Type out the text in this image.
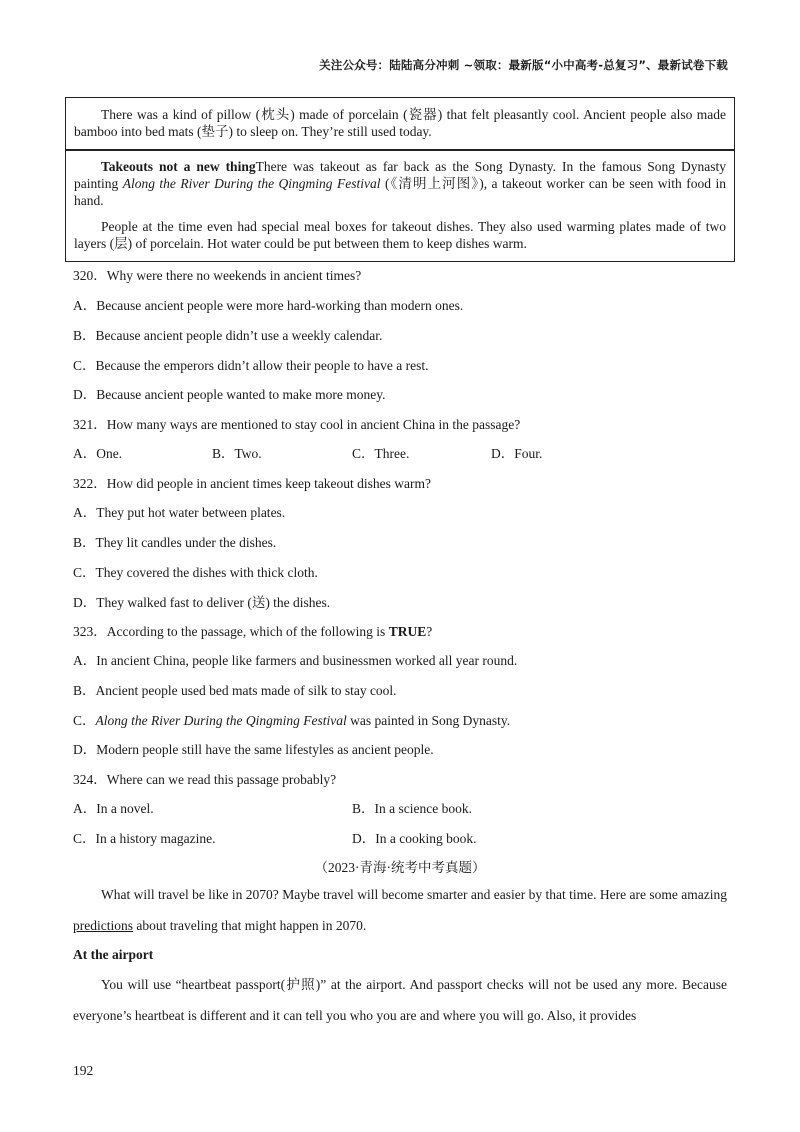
关注公众号：陆陆高分冲刺 ~领取：最新版“小中高考-总复习”、最新试卷下载

There was a kind of pillow (枕头) made of porcelain (瓷器) that felt pleasantly cool. Ancient people also made bamboo into bed mats (垫子) to sleep on. They’re still used today.

Takeouts not a new thingThere was takeout as far back as the Song Dynasty. In the famous Song Dynasty painting Along the River During the Qingming Festival (《清明上河图》), a takeout worker can be seen with food in hand.

People at the time even had special meal boxes for takeout dishes. They also used warming plates made of two layers (层) of porcelain. Hot water could be put between them to keep dishes warm.

320．Why were there no weekends in ancient times?
A．Because ancient people were more hard-working than modern ones.
B．Because ancient people didn’t use a weekly calendar.
C．Because the emperors didn’t allow their people to have a rest.
D．Because ancient people wanted to make more money.
321．How many ways are mentioned to stay cool in ancient China in the passage?
A．One.	B．Two.	C．Three.	D．Four.
322．How did people in ancient times keep takeout dishes warm?
A．They put hot water between plates.
B．They lit candles under the dishes.
C．They covered the dishes with thick cloth.
D．They walked fast to deliver (送) the dishes.
323．According to the passage, which of the following is TRUE?
A．In ancient China, people like farmers and businessmen worked all year round.
B．Ancient people used bed mats made of silk to stay cool.
C．Along the River During the Qingming Festival was painted in Song Dynasty.
D．Modern people still have the same lifestyles as ancient people.
324．Where can we read this passage probably?
A．In a novel.	B．In a science book.
C．In a history magazine.	D．In a cooking book.
（2023·青海·统考中考真题）
What will travel be like in 2070? Maybe travel will become smarter and easier by that time. Here are some amazing predictions about traveling that might happen in 2070.
At the airport
You will use “heartbeat passport(护照)” at the airport. And passport checks will not be used any more. Because everyone’s heartbeat is different and it can tell you who you are and where you will go. Also, it provides
192
